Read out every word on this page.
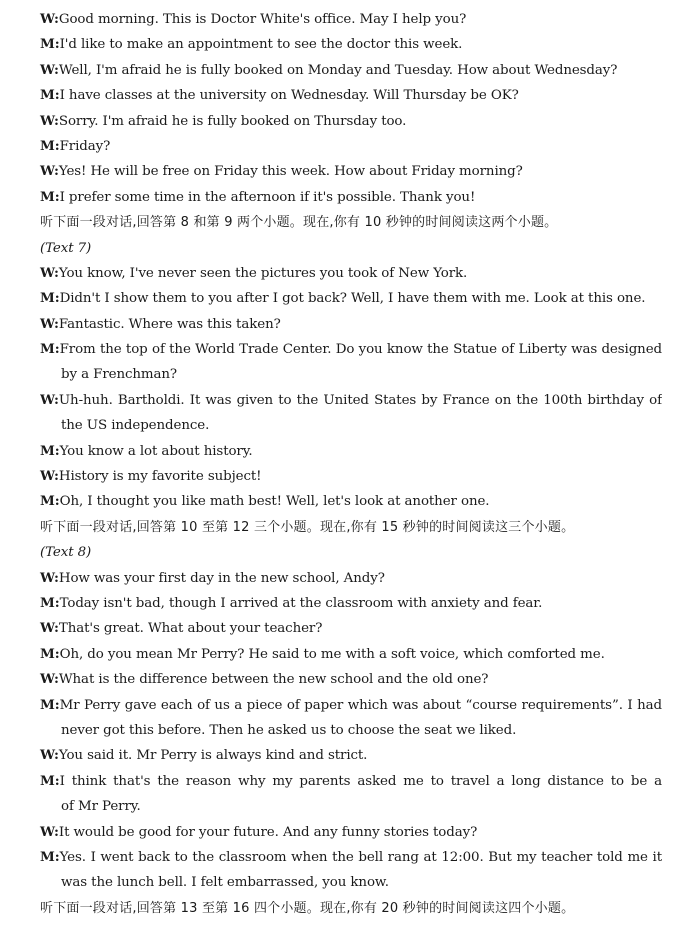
W:Good morning. This is Doctor White's office. May I help you?
M:I'd like to make an appointment to see the doctor this week.
W:Well, I'm afraid he is fully booked on Monday and Tuesday. How about Wednesday?
M:I have classes at the university on Wednesday. Will Thursday be OK?
W:Sorry. I'm afraid he is fully booked on Thursday too.
M:Friday?
W:Yes! He will be free on Friday this week. How about Friday morning?
M:I prefer some time in the afternoon if it's possible. Thank you!
听下面一段对话,回答第 8 和第 9 两个小题。现在,你有 10 秒钟的时间阅读这两个小题。
(Text 7)
W:You know, I've never seen the pictures you took of New York.
M:Didn't I show them to you after I got back? Well, I have them with me. Look at this one.
W:Fantastic. Where was this taken?
M:From the top of the World Trade Center. Do you know the Statue of Liberty was designed
by a Frenchman?
W:Uh-huh. Bartholdi. It was given to the United States by France on the 100th birthday of
the US independence.
M:You know a lot about history.
W:History is my favorite subject!
M:Oh, I thought you like math best! Well, let's look at another one.
听下面一段对话,回答第 10 至第 12 三个小题。现在,你有 15 秒钟的时间阅读这三个小题。
(Text 8)
W:How was your first day in the new school, Andy?
M:Today isn't bad, though I arrived at the classroom with anxiety and fear.
W:That's great. What about your teacher?
M:Oh, do you mean Mr Perry? He said to me with a soft voice, which comforted me.
W:What is the difference between the new school and the old one?
M:Mr Perry gave each of us a piece of paper which was about “course requirements”. I had
never got this before. Then he asked us to choose the seat we liked.
W:You said it. Mr Perry is always kind and strict.
M:I think that's the reason why my parents asked me to travel a long distance to be a
of Mr Perry.
W:It would be good for your future. And any funny stories today?
M:Yes. I went back to the classroom when the bell rang at 12:00. But my teacher told me it
was the lunch bell. I felt embarrassed, you know.
听下面一段对话,回答第 13 至第 16 四个小题。现在,你有 20 秒钟的时间阅读这四个小题。
